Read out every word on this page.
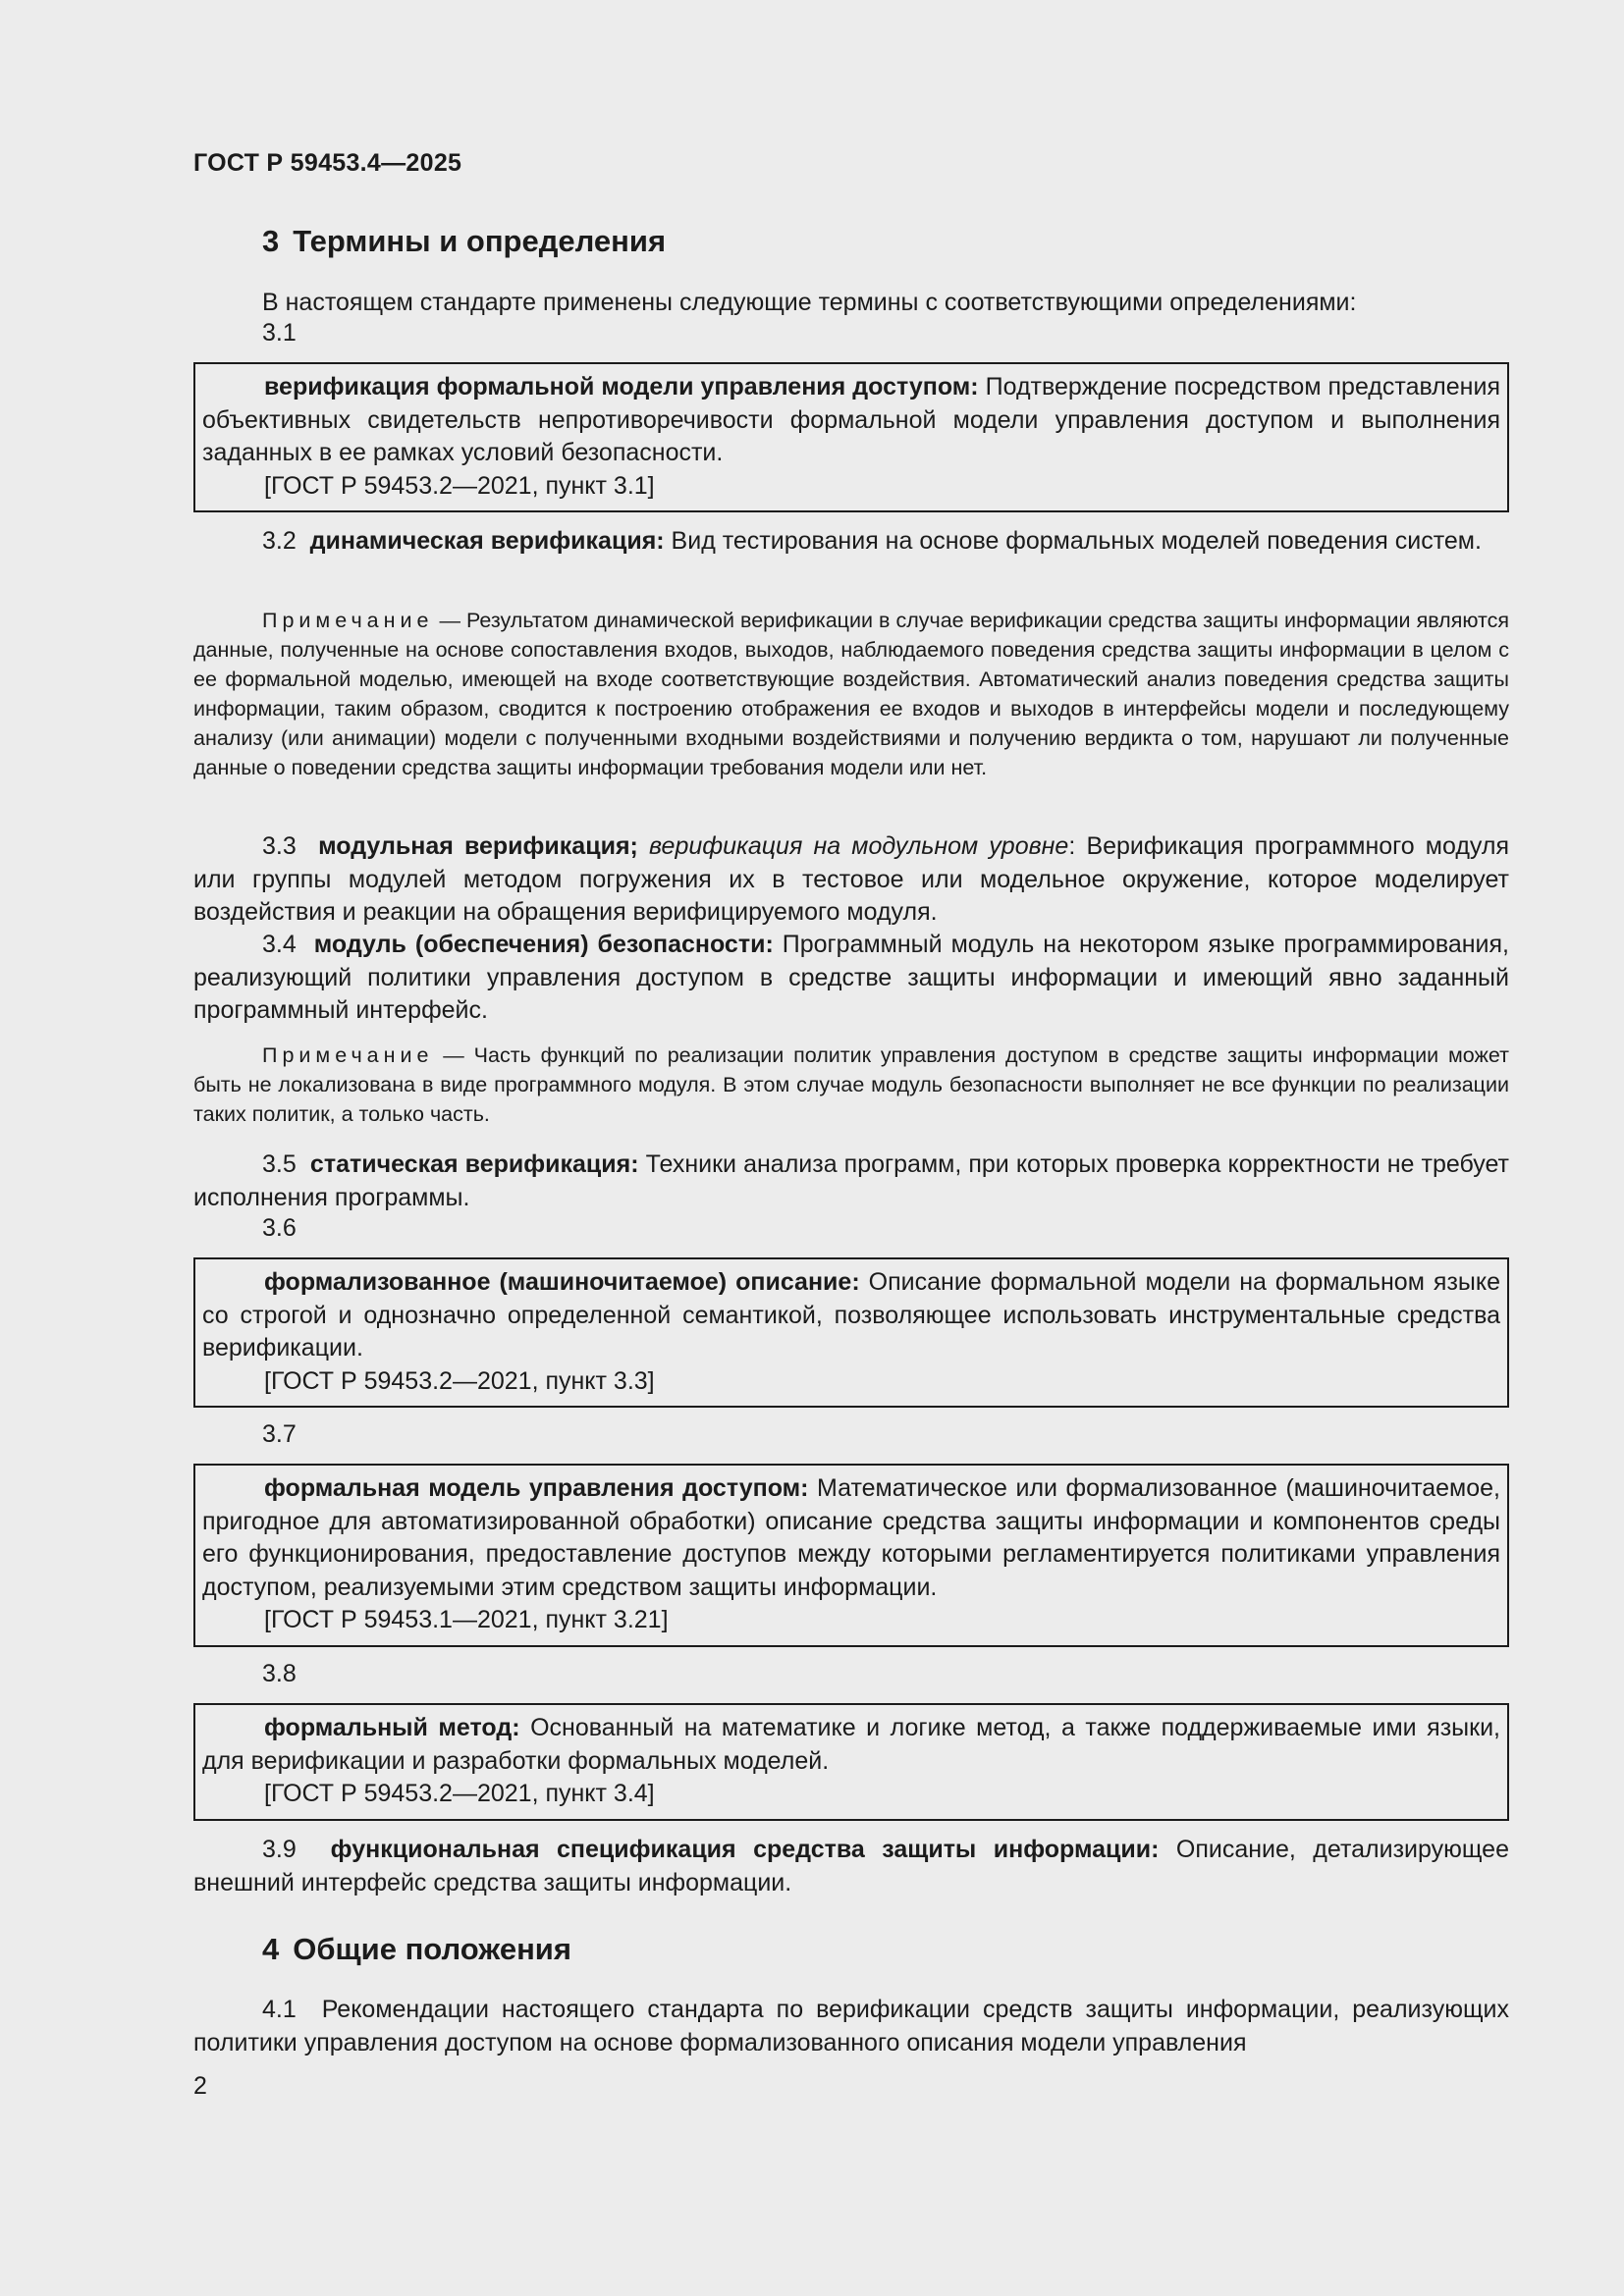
ГОСТ Р 59453.4—2025
3 Термины и определения
В настоящем стандарте применены следующие термины с соответствующими определениями:
3.1
верификация формальной модели управления доступом: Подтверждение посредством представления объективных свидетельств непротиворечивости формальной модели управления доступом и выполнения заданных в ее рамках условий безопасности.
[ГОСТ Р 59453.2—2021, пункт 3.1]
3.2 динамическая верификация: Вид тестирования на основе формальных моделей поведения систем.
Примечание — Результатом динамической верификации в случае верификации средства защиты информации являются данные, полученные на основе сопоставления входов, выходов, наблюдаемого поведения средства защиты информации в целом с ее формальной моделью, имеющей на входе соответствующие воздействия. Автоматический анализ поведения средства защиты информации, таким образом, сводится к построению отображения ее входов и выходов в интерфейсы модели и последующему анализу (или анимации) модели с полученными входными воздействиями и получению вердикта о том, нарушают ли полученные данные о поведении средства защиты информации требования модели или нет.
3.3 модульная верификация; верификация на модульном уровне: Верификация программного модуля или группы модулей методом погружения их в тестовое или модельное окружение, которое моделирует воздействия и реакции на обращения верифицируемого модуля.
3.4 модуль (обеспечения) безопасности: Программный модуль на некотором языке программирования, реализующий политики управления доступом в средстве защиты информации и имеющий явно заданный программный интерфейс.
Примечание — Часть функций по реализации политик управления доступом в средстве защиты информации может быть не локализована в виде программного модуля. В этом случае модуль безопасности выполняет не все функции по реализации таких политик, а только часть.
3.5 статическая верификация: Техники анализа программ, при которых проверка корректности не требует исполнения программы.
3.6
формализованное (машиночитаемое) описание: Описание формальной модели на формальном языке со строгой и однозначно определенной семантикой, позволяющее использовать инструментальные средства верификации.
[ГОСТ Р 59453.2—2021, пункт 3.3]
3.7
формальная модель управления доступом: Математическое или формализованное (машиночитаемое, пригодное для автоматизированной обработки) описание средства защиты информации и компонентов среды его функционирования, предоставление доступов между которыми регламентируется политиками управления доступом, реализуемыми этим средством защиты информации.
[ГОСТ Р 59453.1—2021, пункт 3.21]
3.8
формальный метод: Основанный на математике и логике метод, а также поддерживаемые ими языки, для верификации и разработки формальных моделей.
[ГОСТ Р 59453.2—2021, пункт 3.4]
3.9 функциональная спецификация средства защиты информации: Описание, детализирующее внешний интерфейс средства защиты информации.
4 Общие положения
4.1 Рекомендации настоящего стандарта по верификации средств защиты информации, реализующих политики управления доступом на основе формализованного описания модели управления
2
